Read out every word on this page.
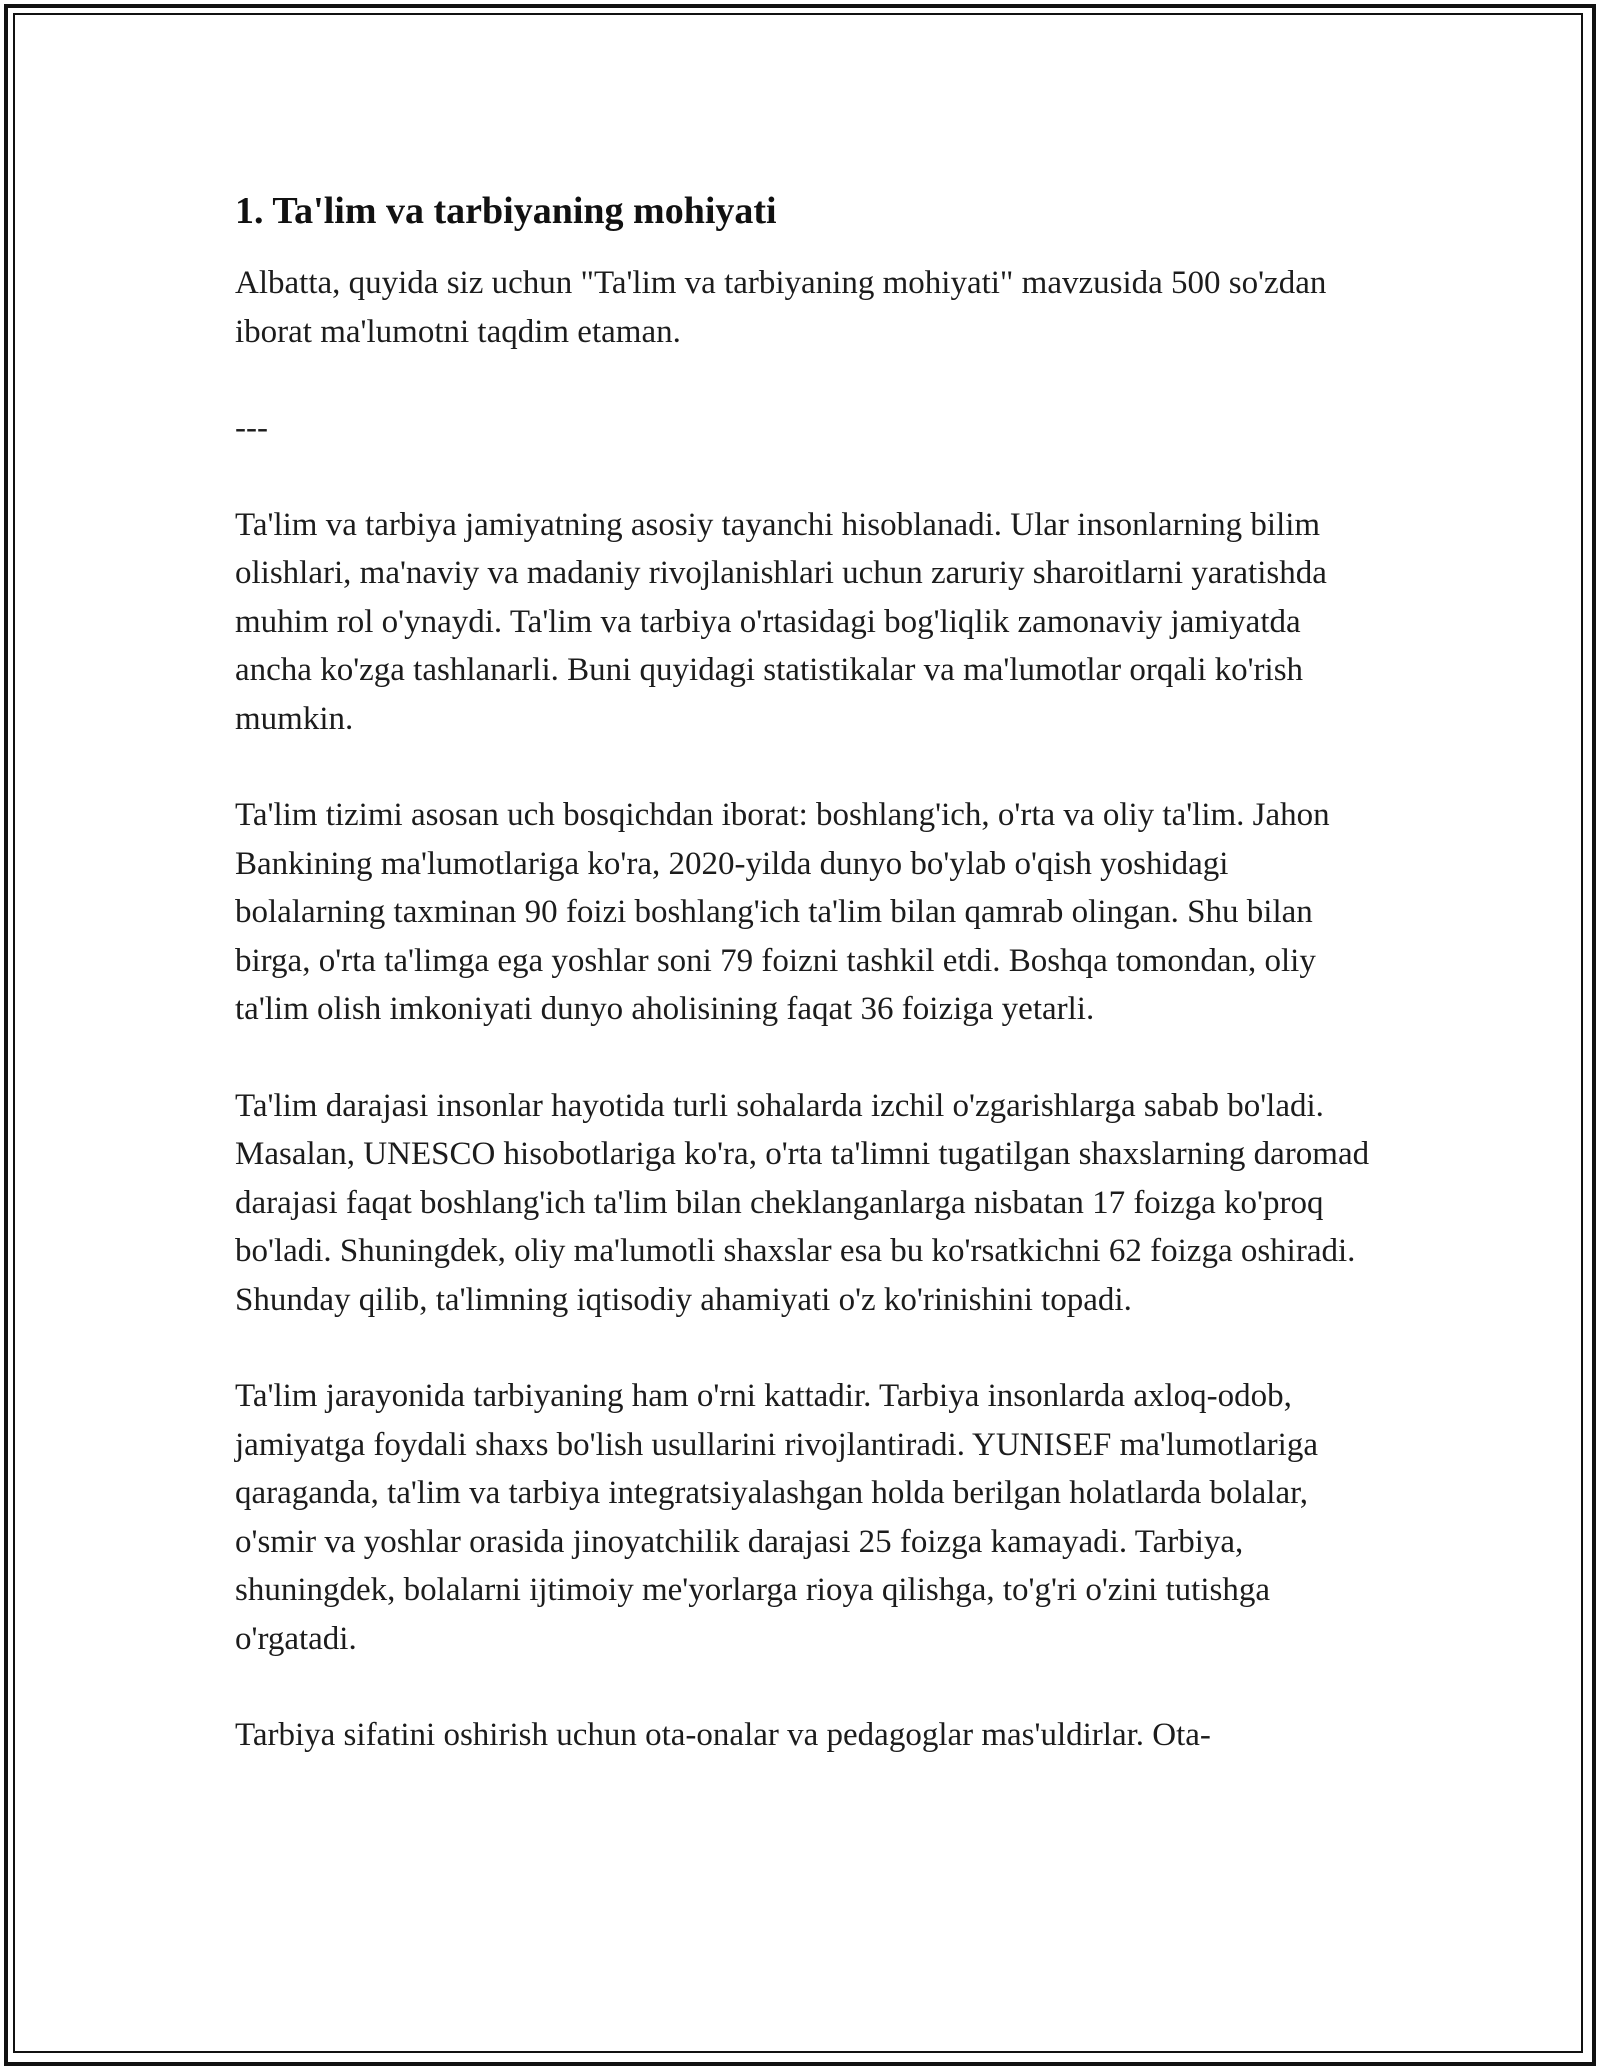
1. Ta'lim va tarbiyaning mohiyati

Albatta, quyida siz uchun "Ta'lim va tarbiyaning mohiyati" mavzusida 500 so'zdan iborat ma'lumotni taqdim etaman.

---

Ta'lim va tarbiya jamiyatning asosiy tayanchi hisoblanadi. Ular insonlarning bilim olishlari, ma'naviy va madaniy rivojlanishlari uchun zaruriy sharoitlarni yaratishda muhim rol o'ynaydi. Ta'lim va tarbiya o'rtasidagi bog'liqlik zamonaviy jamiyatda ancha ko'zga tashlanarli. Buni quyidagi statistikalar va ma'lumotlar orqali ko'rish mumkin.

Ta'lim tizimi asosan uch bosqichdan iborat: boshlang'ich, o'rta va oliy ta'lim. Jahon Bankining ma'lumotlariga ko'ra, 2020-yilda dunyo bo'ylab o'qish yoshidagi bolalarning taxminan 90 foizi boshlang'ich ta'lim bilan qamrab olingan. Shu bilan birga, o'rta ta'limga ega yoshlar soni 79 foizni tashkil etdi. Boshqa tomondan, oliy ta'lim olish imkoniyati dunyo aholisining faqat 36 foiziga yetarli.

Ta'lim darajasi insonlar hayotida turli sohalarda izchil o'zgarishlarga sabab bo'ladi. Masalan, UNESCO hisobotlariga ko'ra, o'rta ta'limni tugatilgan shaxslarning daromad darajasi faqat boshlang'ich ta'lim bilan cheklanganlarga nisbatan 17 foizga ko'proq bo'ladi. Shuningdek, oliy ma'lumotli shaxslar esa bu ko'rsatkichni 62 foizga oshiradi. Shunday qilib, ta'limning iqtisodiy ahamiyati o'z ko'rinishini topadi.

Ta'lim jarayonida tarbiyaning ham o'rni kattadir. Tarbiya insonlarda axloq-odob, jamiyatga foydali shaxs bo'lish usullarini rivojlantiradi. YUNISEF ma'lumotlariga qaraganda, ta'lim va tarbiya integratsiyalashgan holda berilgan holatlarda bolalar, o'smir va yoshlar orasida jinoyatchilik darajasi 25 foizga kamayadi. Tarbiya, shuningdek, bolalarni ijtimoiy me'yorlarga rioya qilishga, to'g'ri o'zini tutishga o'rgatadi.

Tarbiya sifatini oshirish uchun ota-onalar va pedagoglar mas'uldirlar. Ota-
